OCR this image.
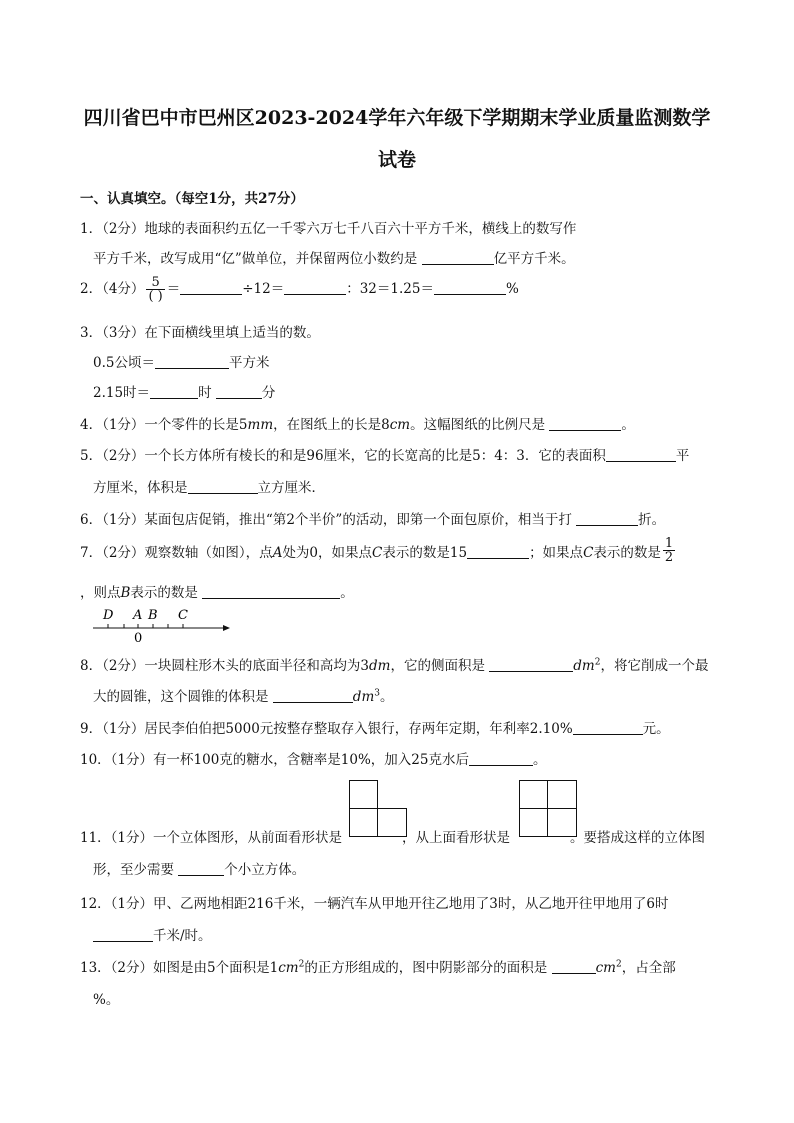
四川省巴中市巴州区2023-2024学年六年级下学期期末学业质量监测数学
试卷
一、认真填空。（每空1分，共27分）
1．（2分）地球的表面积约五亿一千零六万七千八百六十平方千米，横线上的数写作
平方千米，改写成用“亿”做单位，并保留两位小数约是	亿平方千米。
2．（4分） $\frac{5}{( )}$ ＝	÷12＝	：32＝1.25＝	%
3．（3分）在下面横线里填上适当的数。
0.5公顷＝	平方米
2.15时＝	时	分
4．（1分）一个零件的长是5mm，在图纸上的长是8cm。这幅图纸的比例尺是	。
5．（2分）一个长方体所有棱长的和是96厘米，它的长宽高的比是5：4：3．它的表面积	平
方厘米，体积是	立方厘米．
6．（1分）某面包店促销，推出“第2个半价”的活动，即第一个面包原价，相当于打	折。
7．（2分）观察数轴（如图），点A处为0，如果点C表示的数是15	；如果点C表示的数是 $\frac{1}{2}$
，则点B表示的数是	。
D A B C
0
8．（2分）一块圆柱形木头的底面半径和高均为3dm，它的侧面积是	$dm^2$，将它削成一个最
大的圆锥，这个圆锥的体积是	$dm^3$。
9．（1分）居民李伯伯把5000元按整存整取存入银行，存两年定期，年利率2.10%	元。
10．（1分）有一杯100克的糖水，含糖率是10%，加入25克水后	。
11．（1分）一个立体图形，从前面看形状是	，从上面看形状是	。要搭成这样的立体图
形，至少需要	个小立方体。
12．（1分）甲、乙两地相距216千米，一辆汽车从甲地开往乙地用了3时，从乙地开往甲地用了6时
千米/时。
13．（2分）如图是由5个面积是$1cm^2$的正方形组成的，图中阴影部分的面积是	$cm^2$，占全部
%。
